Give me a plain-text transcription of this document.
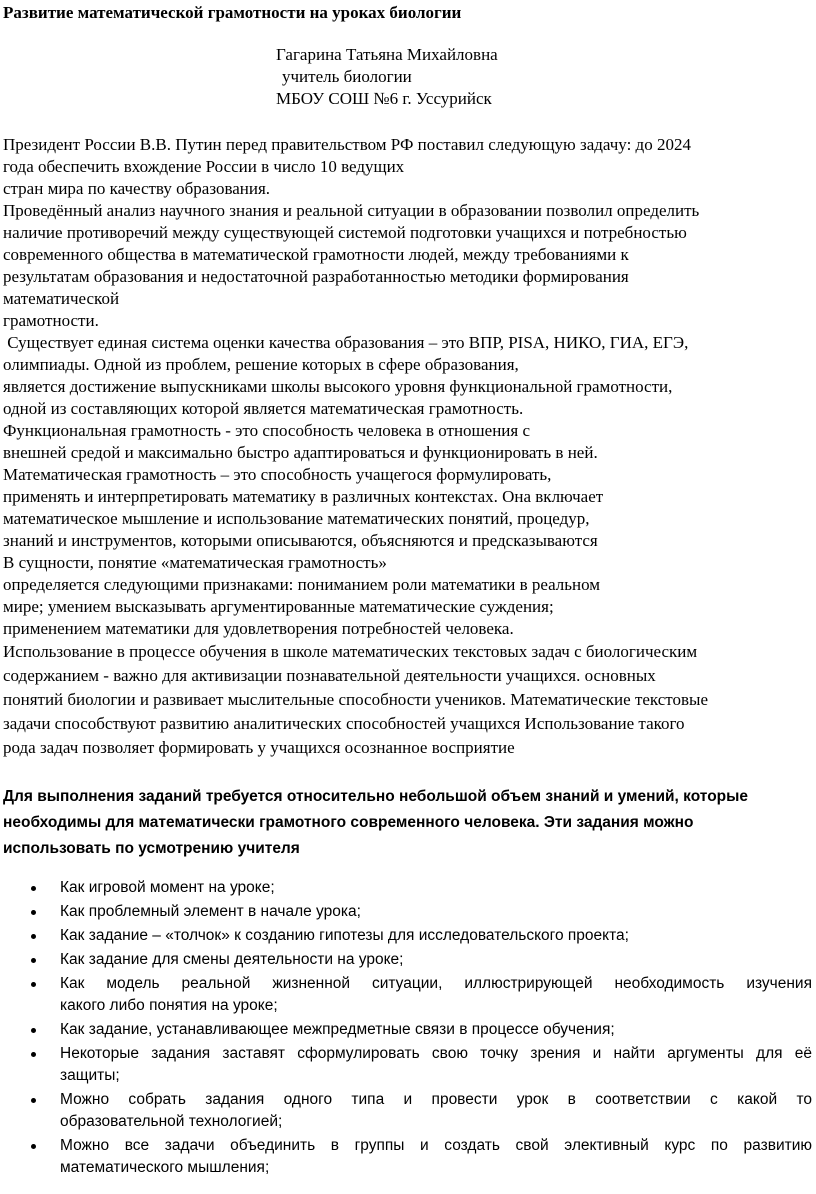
Развитие математической грамотности на уроках биологии
Гагарина Татьяна Михайловна
учитель биологии
МБОУ СОШ №6 г. Уссурийск
Президент России В.В. Путин перед правительством РФ поставил следующую задачу: до 2024
года обеспечить вхождение России в число 10 ведущих
стран мира по качеству образования.
Проведённый анализ научного знания и реальной ситуации в образовании позволил определить
наличие противоречий между существующей системой подготовки учащихся и потребностью
современного общества в математической грамотности людей, между требованиями к
результатам образования и недостаточной разработанностью методики формирования
математической
грамотности.
Существует единая система оценки качества образования – это ВПР, PISA, НИКО, ГИА, ЕГЭ,
олимпиады. Одной из проблем, решение которых в сфере образования,
является достижение выпускниками школы высокого уровня функциональной грамотности,
одной из составляющих которой является математическая грамотность.
Функциональная грамотность - это способность человека в отношения с
внешней средой и максимально быстро адаптироваться и функционировать в ней.
Математическая грамотность – это способность учащегося формулировать,
применять и интерпретировать математику в различных контекстах. Она включает
математическое мышление и использование математических понятий, процедур,
знаний и инструментов, которыми описываются, объясняются и предсказываются
В сущности, понятие «математическая грамотность»
определяется следующими признаками: пониманием роли математики в реальном
мире; умением высказывать аргументированные математические суждения;
применением математики для удовлетворения потребностей человека.
Использование в процессе обучения в школе математических текстовых задач с биологическим
содержанием - важно для активизации познавательной деятельности учащихся. основных
понятий биологии и развивает мыслительные способности учеников. Математические текстовые
задачи способствуют развитию аналитических способностей учащихся Использование такого
рода задач позволяет формировать у учащихся осознанное восприятие
Для выполнения заданий требуется относительно небольшой объем знаний и умений, которые
необходимы для математически грамотного современного человека. Эти задания можно
использовать по усмотрению учителя
Как игровой момент на уроке;
Как проблемный элемент в начале урока;
Как задание – «толчок» к созданию гипотезы для исследовательского проекта;
Как задание для смены деятельности на уроке;
Как модель реальной жизненной ситуации, иллюстрирующей необходимость изучения
какого либо понятия на уроке;
Как задание, устанавливающее межпредметные связи в процессе обучения;
Некоторые задания заставят сформулировать свою точку зрения и найти аргументы для её
защиты;
Можно собрать задания одного типа и провести урок в соответствии с какой то
образовательной технологией;
Можно все задачи объединить в группы и создать свой элективный курс по развитию
математического мышления;
